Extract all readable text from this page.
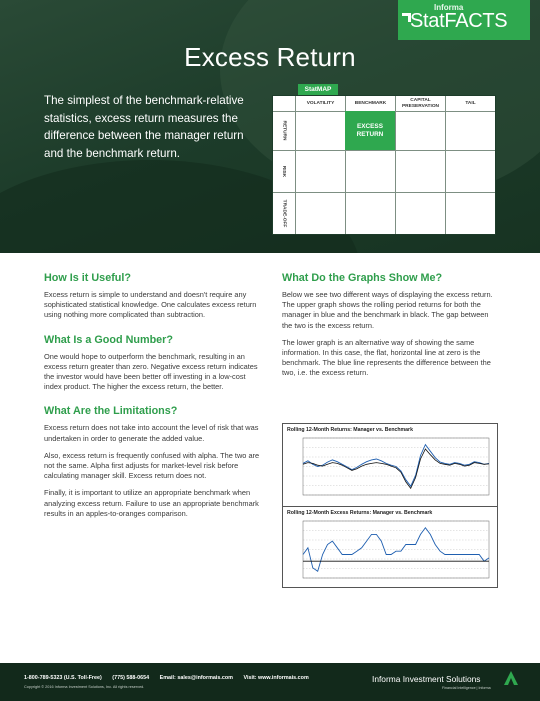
Informa
StatFACTS
Excess Return
The simplest of the benchmark-relative statistics, excess return measures the difference between the manager return and the benchmark return.
StatMAP
VOLATILITY	BENCHMARK
CAPITAL PRESERVATION
TAIL
RETURN
RISK
TRADE-OFF
EXCESS RETURN
How Is it Useful?

Excess return is simple to understand and doesn't require any sophisticated statistical knowledge. One calculates excess return using nothing more complicated than subtraction.

What Is a Good Number?

One would hope to outperform the benchmark, resulting in an excess return greater than zero. Negative excess return indicates the investor would have been better off investing in a low-cost index product. The higher the excess return, the better.

What Are the Limitations?

Excess return does not take into account the level of risk that was undertaken in order to generate the added value.

Also, excess return is frequently confused with alpha. The two are not the same. Alpha first adjusts for market-level risk before calculating manager skill. Excess return does not.

Finally, it is important to utilize an appropriate benchmark when analyzing excess return. Failure to use an appropriate benchmark results in an apples-to-oranges comparison.

What Do the Graphs Show Me?

Below we see two different ways of displaying the excess return. The upper graph shows the rolling period returns for both the manager in blue and the benchmark in black. The gap between the two is the excess return.

The lower graph is an alternative way of showing the same information. In this case, the flat, horizontal line at zero is the benchmark. The blue line represents the difference between the two, i.e. the excess return.

Rolling 12-Month Returns: Manager vs. Benchmark
Rolling 12-Month Excess Returns: Manager vs. Benchmark
1-800-789-5323 (U.S. Toll-Free) (775) 588-0654 Email: sales@informais.com Visit: www.informais.com
Copyright © 2016 Informa Investment Solutions, Inc. All rights reserved.
Informa Investment Solutions
Financial Intelligence | Informa
